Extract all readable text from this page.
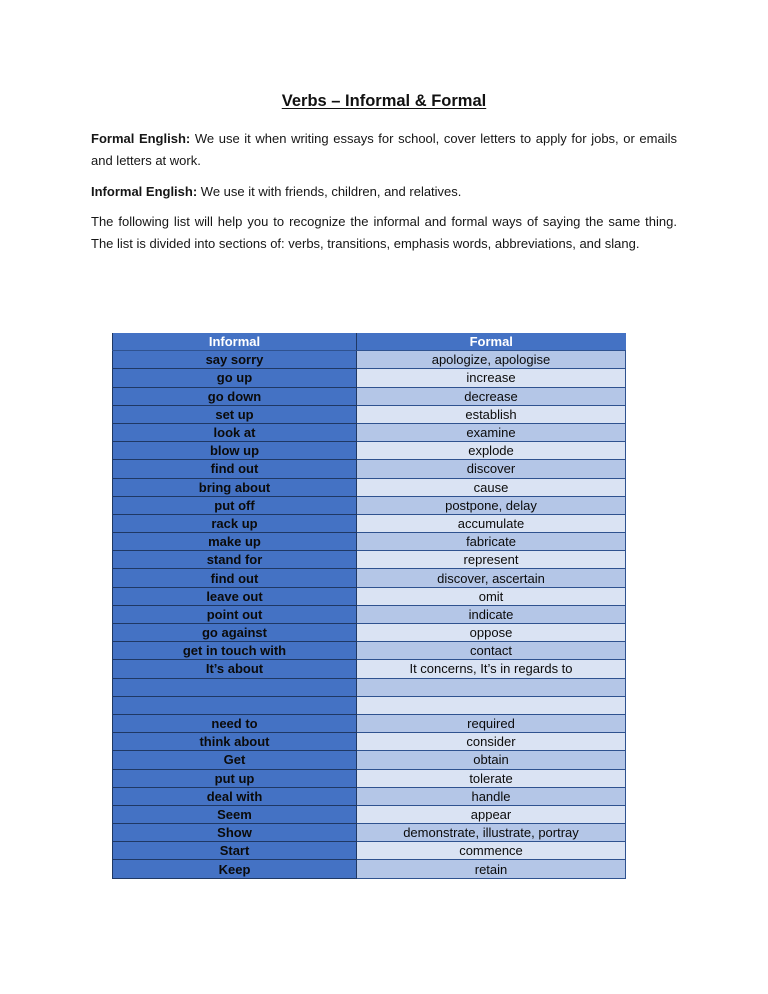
Verbs – Informal & Formal
Formal English: We use it when writing essays for school, cover letters to apply for jobs, or emails and letters at work.
Informal English: We use it with friends, children, and relatives.
The following list will help you to recognize the informal and formal ways of saying the same thing. The list is divided into sections of: verbs, transitions, emphasis words, abbreviations, and slang.
Informal	Formal
say sorry	apologize, apologise
go up	increase
go down	decrease
set up	establish
look at	examine
blow up	explode
find out	discover
bring about	cause
put off	postpone, delay
rack up	accumulate
make up	fabricate
stand for	represent
find out	discover, ascertain
leave out	omit
point out	indicate
go against	oppose
get in touch with	contact
It’s about	It concerns, It’s in regards to

need to	required
think about	consider
Get	obtain
put up	tolerate
deal with	handle
Seem	appear
Show	demonstrate, illustrate, portray
Start	commence
Keep	retain
